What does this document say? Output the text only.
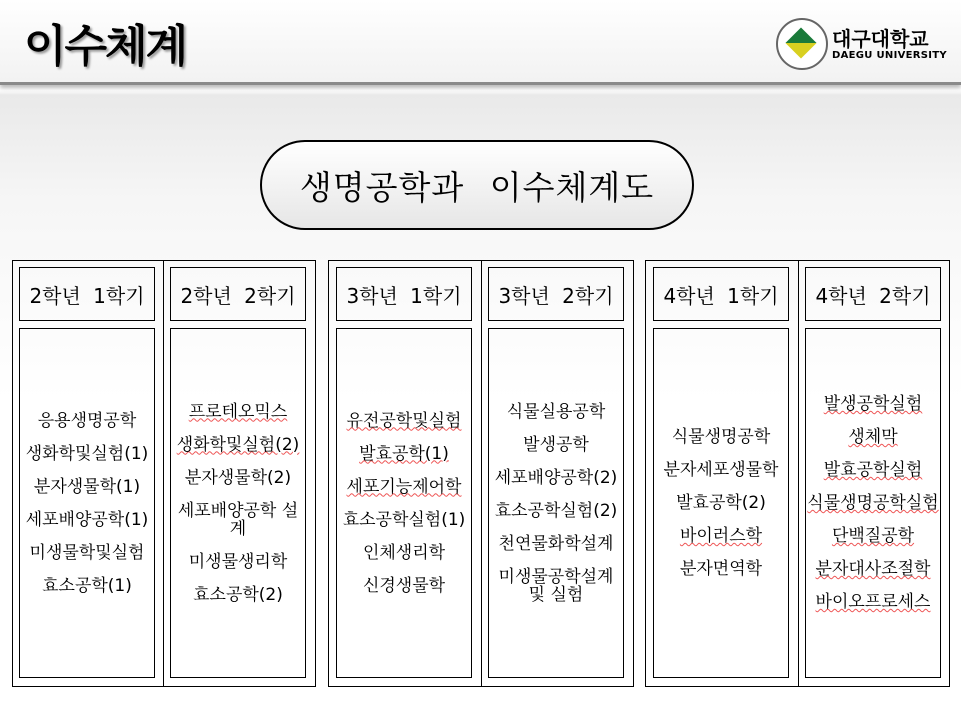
이수체계	대구대학교
DAEGU UNIVERSITY
생명공학과 이수체계도
2학년 1학기
응용생명공학
생화학및실험(1)
분자생물학(1)
세포배양공학(1)
미생물학및실험
효소공학(1)
2학년 2학기
프로테오믹스
생화학및실험(2)
분자생물학(2)
세포배양공학 설계
미생물생리학
효소공학(2)
3학년 1학기
유전공학및실험
발효공학(1)
세포기능제어학
효소공학실험(1)
인체생리학
신경생물학
3학년 2학기
식물실용공학
발생공학
세포배양공학(2)
효소공학실험(2)
천연물화학설계
미생물공학설계 및 실험
4학년 1학기
식물생명공학
분자세포생물학
발효공학(2)
바이러스학
분자면역학
4학년 2학기
발생공학실험
생체막
발효공학실험
식물생명공학실험
단백질공학
분자대사조절학
바이오프로세스
